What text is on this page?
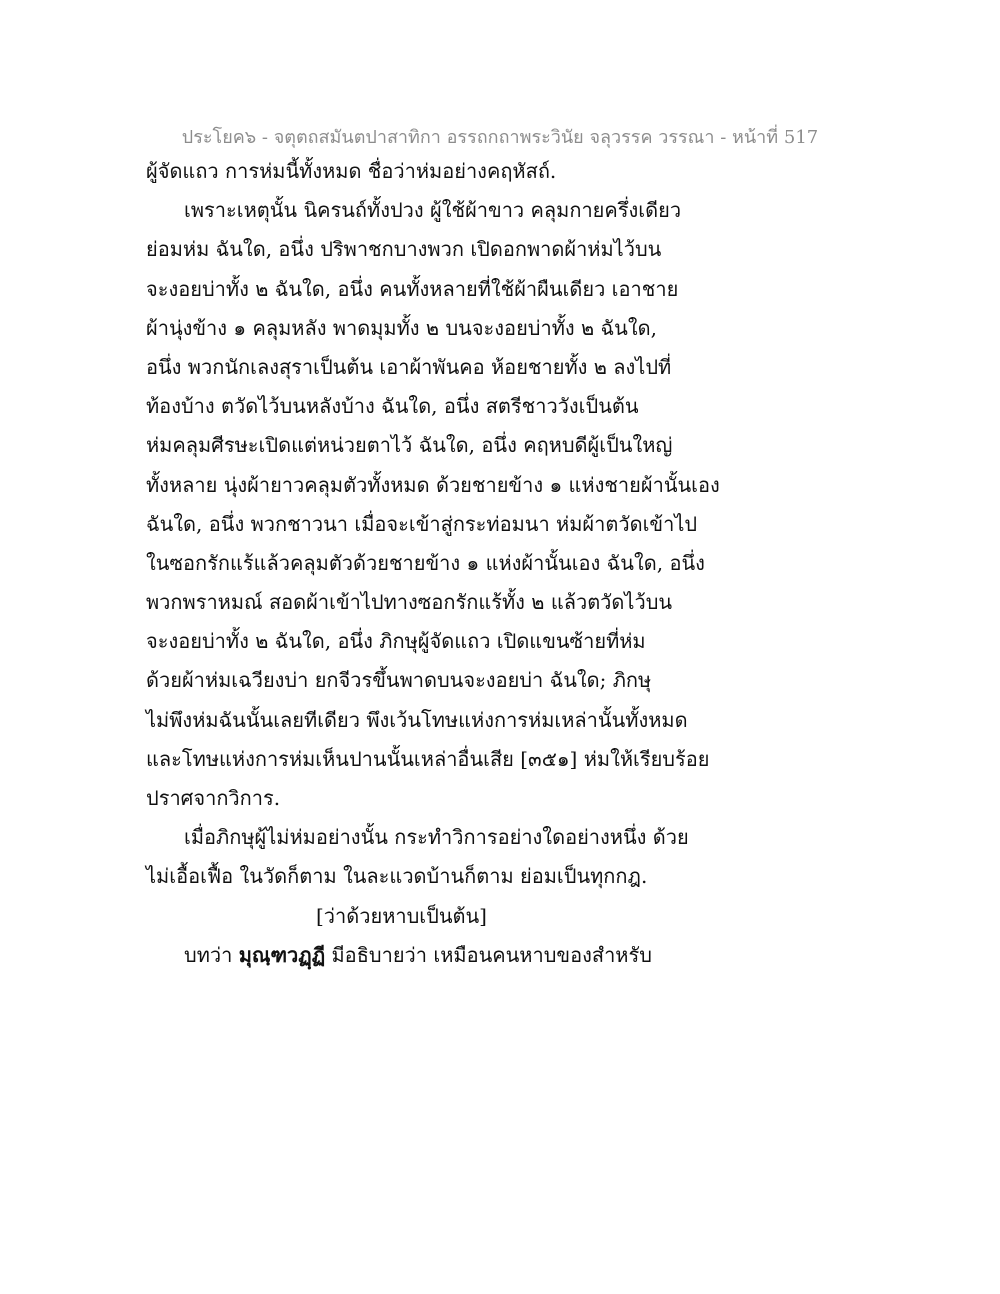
ประโยค๖ - จตุตถสมันตปาสาทิกา อรรถกถาพระวินัย จลุวรรค วรรณา - หน้าที่ 517
ผู้จัดแถว การห่มนี้ทั้งหมด ชื่อว่าห่มอย่างคฤหัสถ์.
เพราะเหตุนั้น นิครนถ์ทั้งปวง ผู้ใช้ผ้าขาว คลุมกายครึ่งเดียว
ย่อมห่ม ฉันใด, อนึ่ง ปริพาชกบางพวก เปิดอกพาดผ้าห่มไว้บน
จะงอยบ่าทั้ง ๒ ฉันใด, อนึ่ง คนทั้งหลายที่ใช้ผ้าผืนเดียว เอาชาย
ผ้านุ่งข้าง ๑ คลุมหลัง พาดมุมทั้ง ๒ บนจะงอยบ่าทั้ง ๒ ฉันใด,
อนึ่ง พวกนักเลงสุราเป็นต้น เอาผ้าพันคอ ห้อยชายทั้ง ๒ ลงไปที่
ท้องบ้าง ตวัดไว้บนหลังบ้าง ฉันใด, อนึ่ง สตรีชาววังเป็นต้น
ห่มคลุมศีรษะเปิดแต่หน่วยตาไว้ ฉันใด, อนึ่ง คฤหบดีผู้เป็นใหญ่
ทั้งหลาย นุ่งผ้ายาวคลุมตัวทั้งหมด ด้วยชายข้าง ๑ แห่งชายผ้านั้นเอง
ฉันใด, อนึ่ง พวกชาวนา เมื่อจะเข้าสู่กระท่อมนา ห่มผ้าตวัดเข้าไป
ในซอกรักแร้แล้วคลุมตัวด้วยชายข้าง ๑ แห่งผ้านั้นเอง ฉันใด, อนึ่ง
พวกพราหมณ์ สอดผ้าเข้าไปทางซอกรักแร้ทั้ง ๒ แล้วตวัดไว้บน
จะงอยบ่าทั้ง ๒ ฉันใด, อนึ่ง ภิกษุผู้จัดแถว เปิดแขนซ้ายที่ห่ม
ด้วยผ้าห่มเฉวียงบ่า ยกจีวรขึ้นพาดบนจะงอยบ่า ฉันใด; ภิกษุ
ไม่พึงห่มฉันนั้นเลยทีเดียว พึงเว้นโทษแห่งการห่มเหล่านั้นทั้งหมด
และโทษแห่งการห่มเห็นปานนั้นเหล่าอื่นเสีย [๓๕๑] ห่มให้เรียบร้อย
ปราศจากวิการ.
เมื่อภิกษุผู้ไม่ห่มอย่างนั้น กระทำวิการอย่างใดอย่างหนึ่ง ด้วย
ไม่เอื้อเฟื้อ ในวัดก็ตาม ในละแวดบ้านก็ตาม ย่อมเป็นทุกกฎ.
[ว่าด้วยหาบเป็นต้น]
บทว่า มุณฺฑวฏฺฏี มีอธิบายว่า เหมือนคนหาบของสำหรับ
